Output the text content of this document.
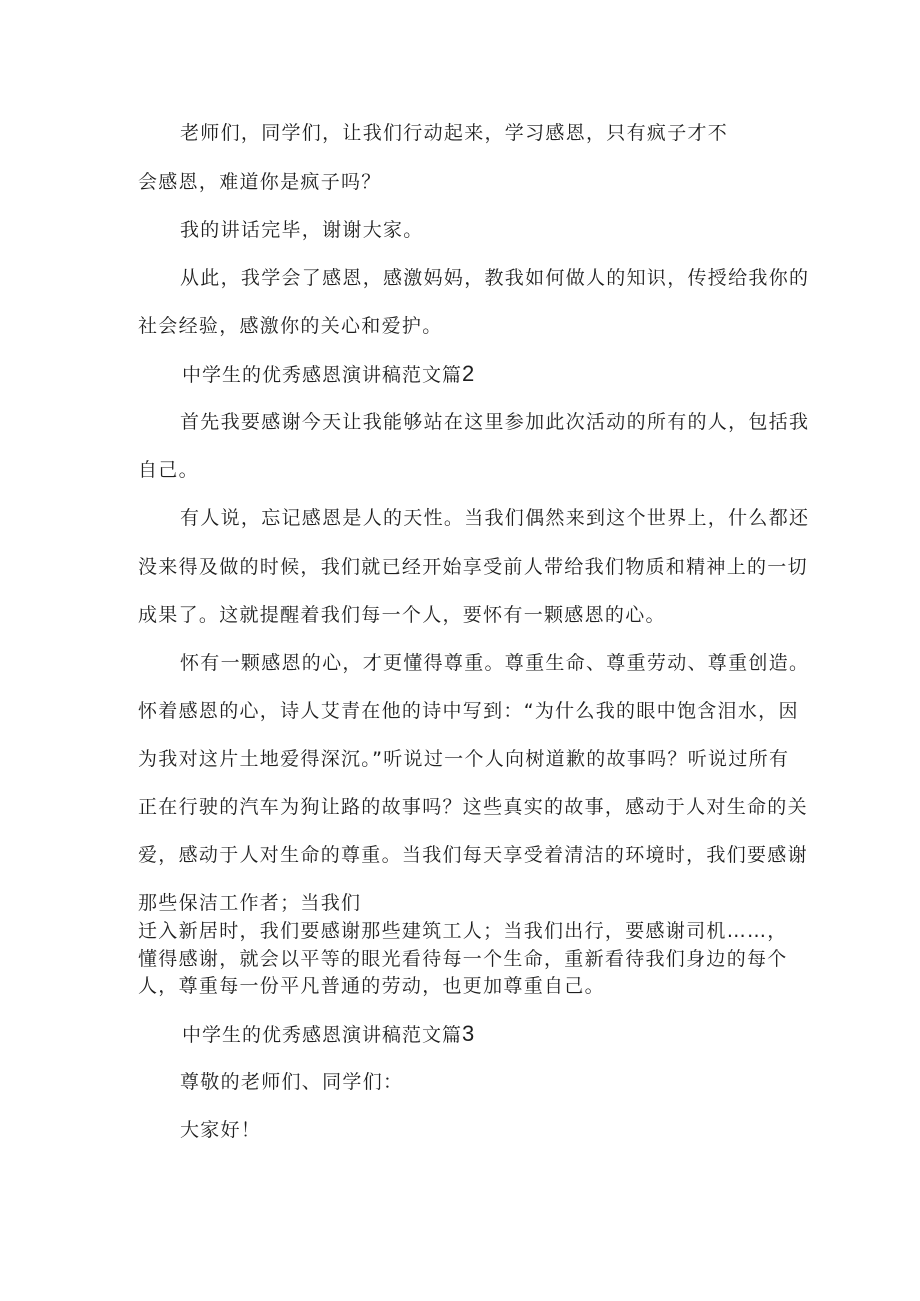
老师们，同学们，让我们行动起来，学习感恩，只有疯子才不

会感恩，难道你是疯子吗？

我的讲话完毕，谢谢大家。

从此，我学会了感恩，感激妈妈，教我如何做人的知识，传授给我你的

社会经验，感激你的关心和爱护。

中学生的优秀感恩演讲稿范文篇2

首先我要感谢今天让我能够站在这里参加此次活动的所有的人，包括我

自己。

有人说，忘记感恩是人的天性。当我们偶然来到这个世界上，什么都还

没来得及做的时候，我们就已经开始享受前人带给我们物质和精神上的一切

成果了。这就提醒着我们每一个人，要怀有一颗感恩的心。

怀有一颗感恩的心，才更懂得尊重。尊重生命、尊重劳动、尊重创造。

怀着感恩的心，诗人艾青在他的诗中写到：“为什么我的眼中饱含泪水，因

为我对这片土地爱得深沉。”听说过一个人向树道歉的故事吗？听说过所有

正在行驶的汽车为狗让路的故事吗？这些真实的故事，感动于人对生命的关

爱，感动于人对生命的尊重。当我们每天享受着清洁的环境时，我们要感谢

那些保洁工作者；当我们

迁入新居时，我们要感谢那些建筑工人；当我们出行，要感谢司机……，

懂得感谢，就会以平等的眼光看待每一个生命，重新看待我们身边的每个

人，尊重每一份平凡普通的劳动，也更加尊重自己。

中学生的优秀感恩演讲稿范文篇3

尊敬的老师们、同学们：

大家好！
